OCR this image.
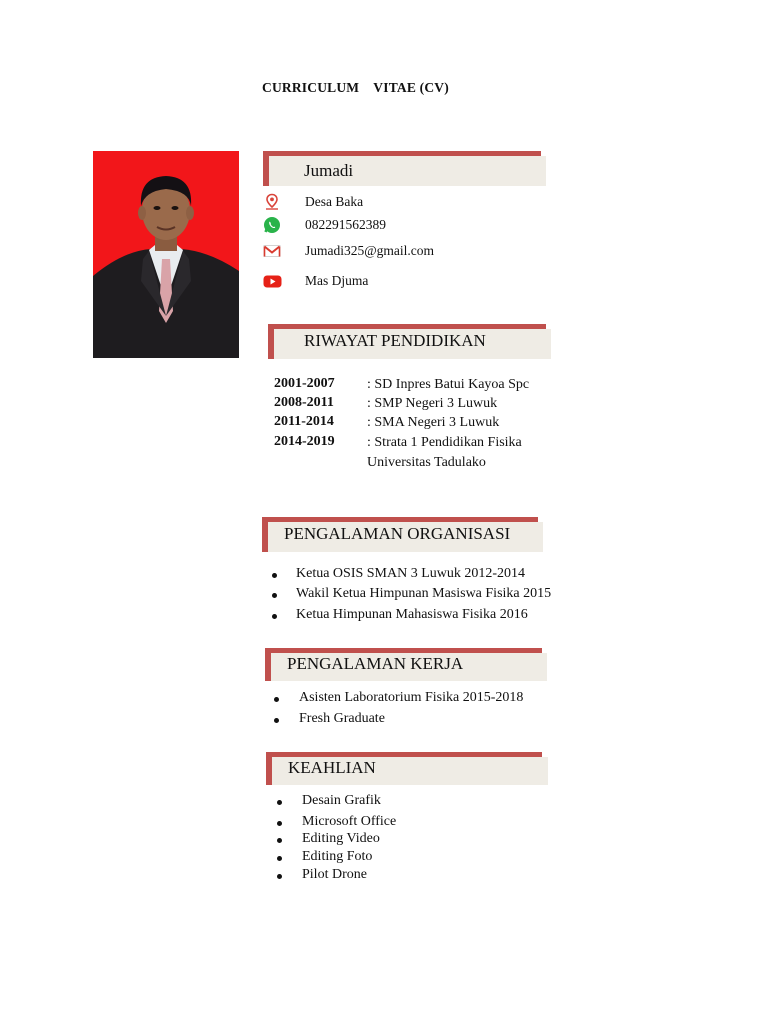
CURRICULUM    VITAE (CV)
Jumadi
Desa Baka
082291562389
Jumadi325@gmail.com
Mas Djuma
RIWAYAT PENDIDIKAN
2001-2007 : SD Inpres Batui Kayoa Spc
2008-2011 : SMP Negeri 3 Luwuk
2011-2014 : SMA Negeri 3 Luwuk
2014-2019 : Strata 1 Pendidikan Fisika
Universitas Tadulako
PENGALAMAN ORGANISASI
Ketua OSIS SMAN 3 Luwuk 2012-2014
Wakil Ketua Himpunan Masiswa Fisika 2015
Ketua Himpunan Mahasiswa Fisika 2016
PENGALAMAN KERJA
Asisten Laboratorium Fisika 2015-2018
Fresh Graduate
KEAHLIAN
Desain Grafik
Microsoft Office
Editing Video
Editing Foto
Pilot Drone
